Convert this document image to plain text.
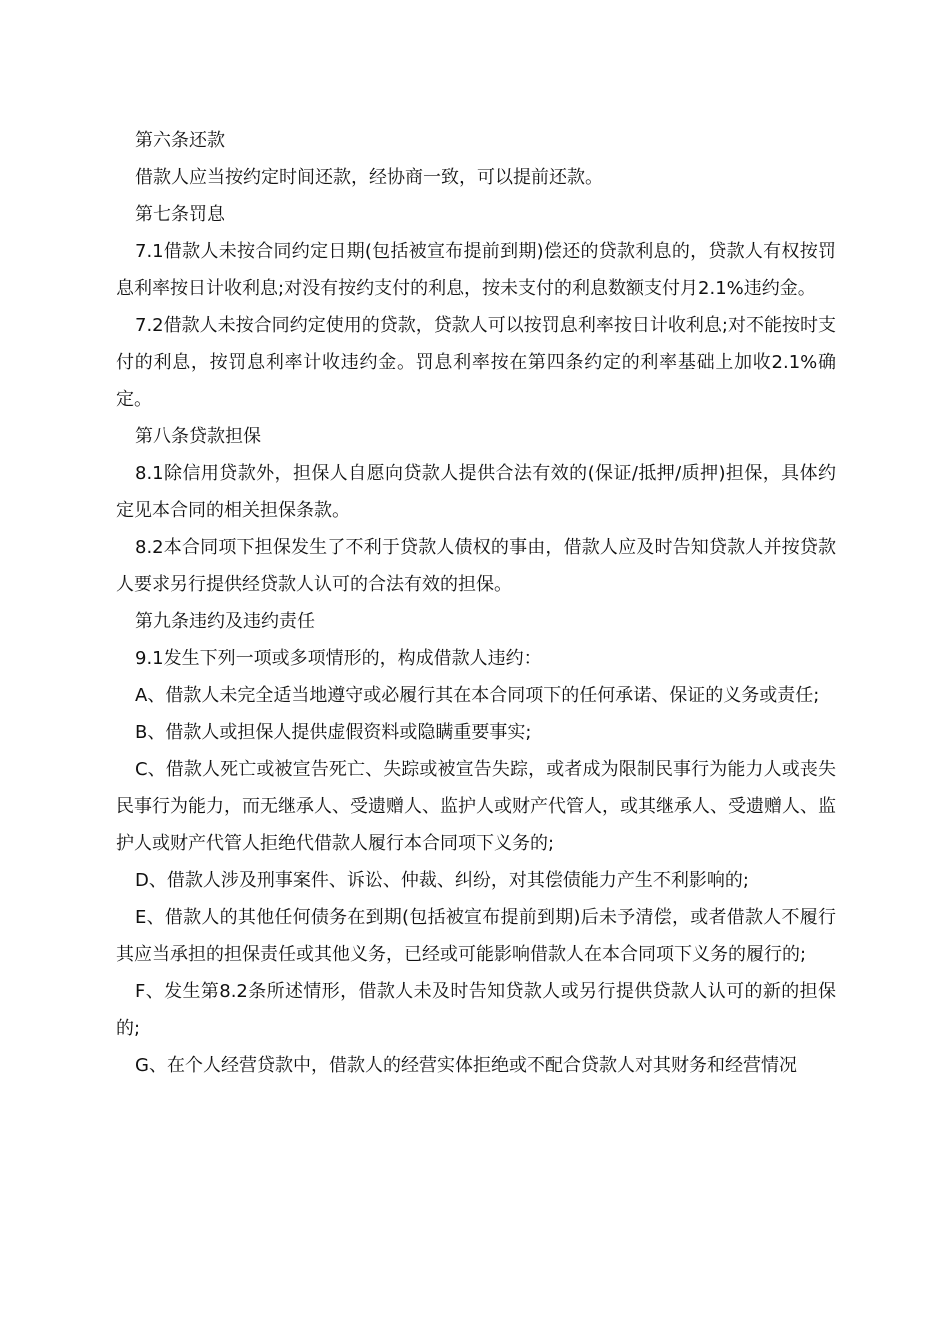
第六条还款

借款人应当按约定时间还款，经协商一致，可以提前还款。

第七条罚息

7.1借款人未按合同约定日期(包括被宣布提前到期)偿还的贷款利息的，贷款人有权按罚息利率按日计收利息;对没有按约支付的利息，按未支付的利息数额支付月2.1%违约金。

7.2借款人未按合同约定使用的贷款，贷款人可以按罚息利率按日计收利息;对不能按时支付的利息，按罚息利率计收违约金。罚息利率按在第四条约定的利率基础上加收2.1%确定。

第八条贷款担保

8.1除信用贷款外，担保人自愿向贷款人提供合法有效的(保证/抵押/质押)担保，具体约定见本合同的相关担保条款。

8.2本合同项下担保发生了不利于贷款人债权的事由，借款人应及时告知贷款人并按贷款人要求另行提供经贷款人认可的合法有效的担保。

第九条违约及违约责任

9.1发生下列一项或多项情形的，构成借款人违约：

A、借款人未完全适当地遵守或必履行其在本合同项下的任何承诺、保证的义务或责任;

B、借款人或担保人提供虚假资料或隐瞒重要事实;

C、借款人死亡或被宣告死亡、失踪或被宣告失踪，或者成为限制民事行为能力人或丧失民事行为能力，而无继承人、受遗赠人、监护人或财产代管人，或其继承人、受遗赠人、监护人或财产代管人拒绝代借款人履行本合同项下义务的;

D、借款人涉及刑事案件、诉讼、仲裁、纠纷，对其偿债能力产生不利影响的;

E、借款人的其他任何债务在到期(包括被宣布提前到期)后未予清偿，或者借款人不履行其应当承担的担保责任或其他义务，已经或可能影响借款人在本合同项下义务的履行的;

F、发生第8.2条所述情形，借款人未及时告知贷款人或另行提供贷款人认可的新的担保的;

G、在个人经营贷款中，借款人的经营实体拒绝或不配合贷款人对其财务和经营情况
